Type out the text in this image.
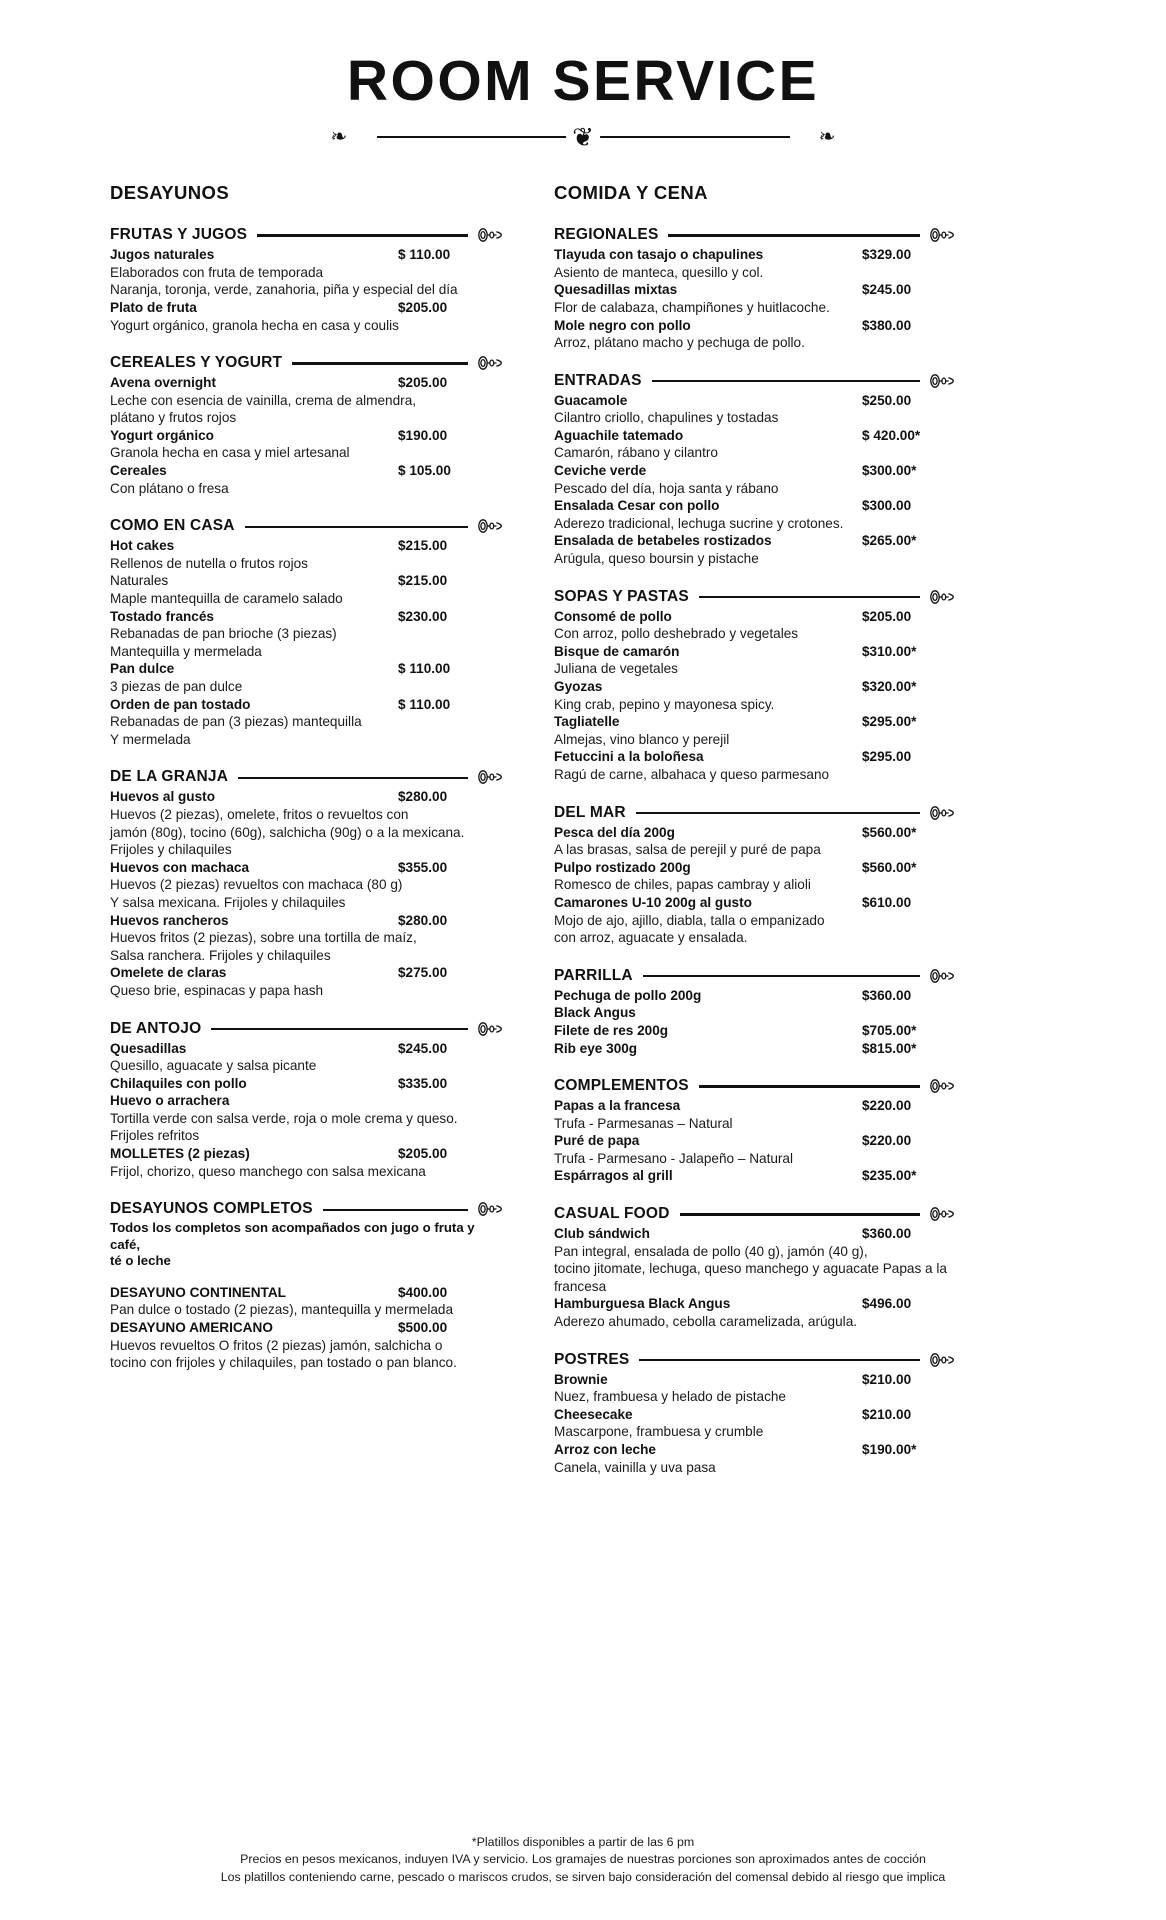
ROOM SERVICE
❧	❦	❧
DESAYUNOS
FRUTAS Y JUGOS
Jugos naturales	$ 110.00
Elaborados con fruta de temporada
Naranja, toronja, verde, zanahoria, piña y especial del día
Plato de fruta	$205.00
Yogurt orgánico, granola hecha en casa y coulis
CEREALES Y YOGURT
Avena overnight	$205.00
Leche con esencia de vainilla, crema de almendra,
plátano y frutos rojos
Yogurt orgánico	$190.00
Granola hecha en casa y miel artesanal
Cereales	$ 105.00
Con plátano o fresa
COMO EN CASA
Hot cakes	$215.00
Rellenos de nutella o frutos rojos
Naturales	$215.00
Maple mantequilla de caramelo salado
Tostado francés	$230.00
Rebanadas de pan brioche (3 piezas)
Mantequilla y mermelada
Pan dulce	$ 110.00
3 piezas de pan dulce
Orden de pan tostado	$ 110.00
Rebanadas de pan (3 piezas) mantequilla
Y mermelada
DE LA GRANJA
Huevos al gusto	$280.00
Huevos (2 piezas), omelete, fritos o revueltos con
jamón (80g), tocino (60g), salchicha (90g) o a la mexicana.
Frijoles y chilaquiles
Huevos con machaca	$355.00
Huevos (2 piezas) revueltos con machaca (80 g)
Y salsa mexicana. Frijoles y chilaquiles
Huevos rancheros	$280.00
Huevos fritos (2 piezas), sobre una tortilla de maíz,
Salsa ranchera. Frijoles y chilaquiles
Omelete de claras	$275.00
Queso brie, espinacas y papa hash
DE ANTOJO
Quesadillas	$245.00
Quesillo, aguacate y salsa picante
Chilaquiles con pollo	$335.00
Huevo o arrachera
Tortilla verde con salsa verde, roja o mole crema y queso.
Frijoles refritos
MOLLETES (2 piezas)	$205.00
Frijol, chorizo, queso manchego con salsa mexicana
DESAYUNOS COMPLETOS
Todos los completos son acompañados con jugo o fruta y café,
té o leche
DESAYUNO CONTINENTAL	$400.00
Pan dulce o tostado (2 piezas), mantequilla y mermelada
DESAYUNO AMERICANO	$500.00
Huevos revueltos O fritos (2 piezas) jamón, salchicha o
tocino con frijoles y chilaquiles, pan tostado o pan blanco.
COMIDA Y CENA
REGIONALES
Tlayuda con tasajo o chapulines	$329.00
Asiento de manteca, quesillo y col.
Quesadillas mixtas	$245.00
Flor de calabaza, champiñones y huitlacoche.
Mole negro con pollo	$380.00
Arroz, plátano macho y pechuga de pollo.
ENTRADAS
Guacamole	$250.00
Cilantro criollo, chapulines y tostadas
Aguachile tatemado	$ 420.00*
Camarón, rábano y cilantro
Ceviche verde	$300.00*
Pescado del día, hoja santa y rábano
Ensalada Cesar con pollo	$300.00
Aderezo tradicional, lechuga sucrine y crotones.
Ensalada de betabeles rostizados	$265.00*
Arúgula, queso boursin y pistache
SOPAS Y PASTAS
Consomé de pollo	$205.00
Con arroz, pollo deshebrado y vegetales
Bisque de camarón	$310.00*
Juliana de vegetales
Gyozas	$320.00*
King crab, pepino y mayonesa spicy.
Tagliatelle	$295.00*
Almejas, vino blanco y perejil
Fetuccini a la boloñesa	$295.00
Ragú de carne, albahaca y queso parmesano
DEL MAR
Pesca del día 200g	$560.00*
A las brasas, salsa de perejil y puré de papa
Pulpo rostizado 200g	$560.00*
Romesco de chiles, papas cambray y alioli
Camarones U-10 200g al gusto	$610.00
Mojo de ajo, ajillo, diabla, talla o empanizado
con arroz, aguacate y ensalada.
PARRILLA
Pechuga de pollo 200g	$360.00
Black Angus
Filete de res 200g	$705.00*
Rib eye 300g	$815.00*
COMPLEMENTOS
Papas a la francesa	$220.00
Trufa - Parmesanas – Natural
Puré de papa	$220.00
Trufa - Parmesano - Jalapeño – Natural
Espárragos al grill	$235.00*
CASUAL FOOD
Club sándwich	$360.00
Pan integral, ensalada de pollo (40 g), jamón (40 g),
tocino jitomate, lechuga, queso manchego y aguacate Papas a la
francesa
Hamburguesa Black Angus	$496.00
Aderezo ahumado, cebolla caramelizada, arúgula.
POSTRES
Brownie	$210.00
Nuez, frambuesa y helado de pistache
Cheesecake	$210.00
Mascarpone, frambuesa y crumble
Arroz con leche	$190.00*
Canela, vainilla y uva pasa
*Platillos disponibles a partir de las 6 pm
Precios en pesos mexicanos, induyen IVA y servicio. Los gramajes de nuestras porciones son aproximados antes de cocción
Los platillos conteniendo carne, pescado o mariscos crudos, se sirven bajo consideración del comensal debido al riesgo que implica
